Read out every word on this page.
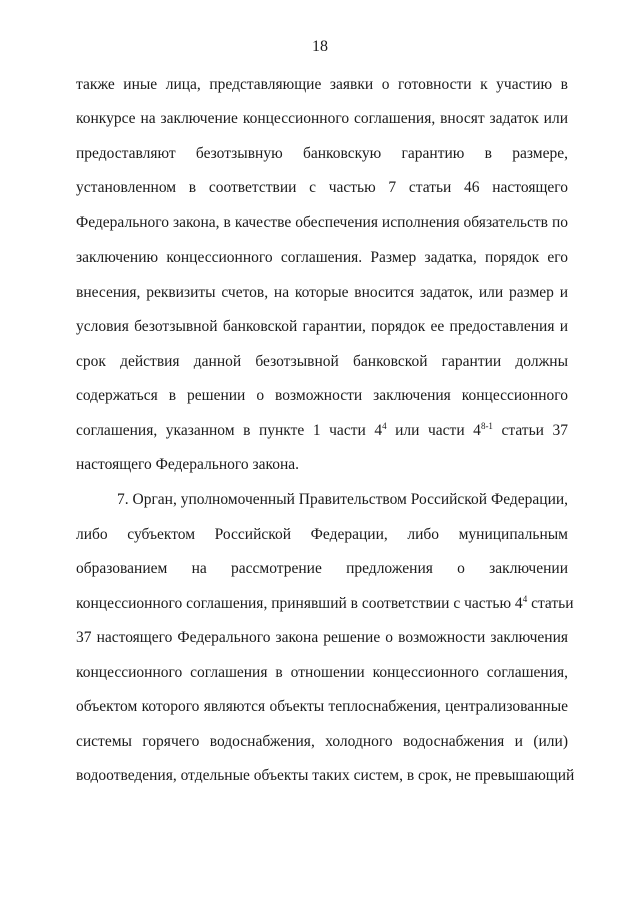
18
также иные лица, представляющие заявки о готовности к участию в
конкурсе на заключение концессионного соглашения, вносят задаток или
предоставляют безотзывную банковскую гарантию в размере,
установленном в соответствии с частью 7 статьи 46 настоящего
Федерального закона, в качестве обеспечения исполнения обязательств по
заключению концессионного соглашения. Размер задатка, порядок его
внесения, реквизиты счетов, на которые вносится задаток, или размер и
условия безотзывной банковской гарантии, порядок ее предоставления и
срок действия данной безотзывной банковской гарантии должны
содержаться в решении о возможности заключения концессионного
соглашения, указанном в пункте 1 части $4^4$ или части 4$^{8-1}$ статьи 37
настоящего Федерального закона.
7. Орган, уполномоченный Правительством Российской Федерации,
либо субъектом Российской Федерации, либо муниципальным
образованием на рассмотрение предложения о заключении
концессионного соглашения, принявший в соответствии с частью $4^4$ статьи
37 настоящего Федерального закона решение о возможности заключения
концессионного соглашения в отношении концессионного соглашения,
объектом которого являются объекты теплоснабжения, централизованные
системы горячего водоснабжения, холодного водоснабжения и (или)
водоотведения, отдельные объекты таких систем, в срок, не превышающий
